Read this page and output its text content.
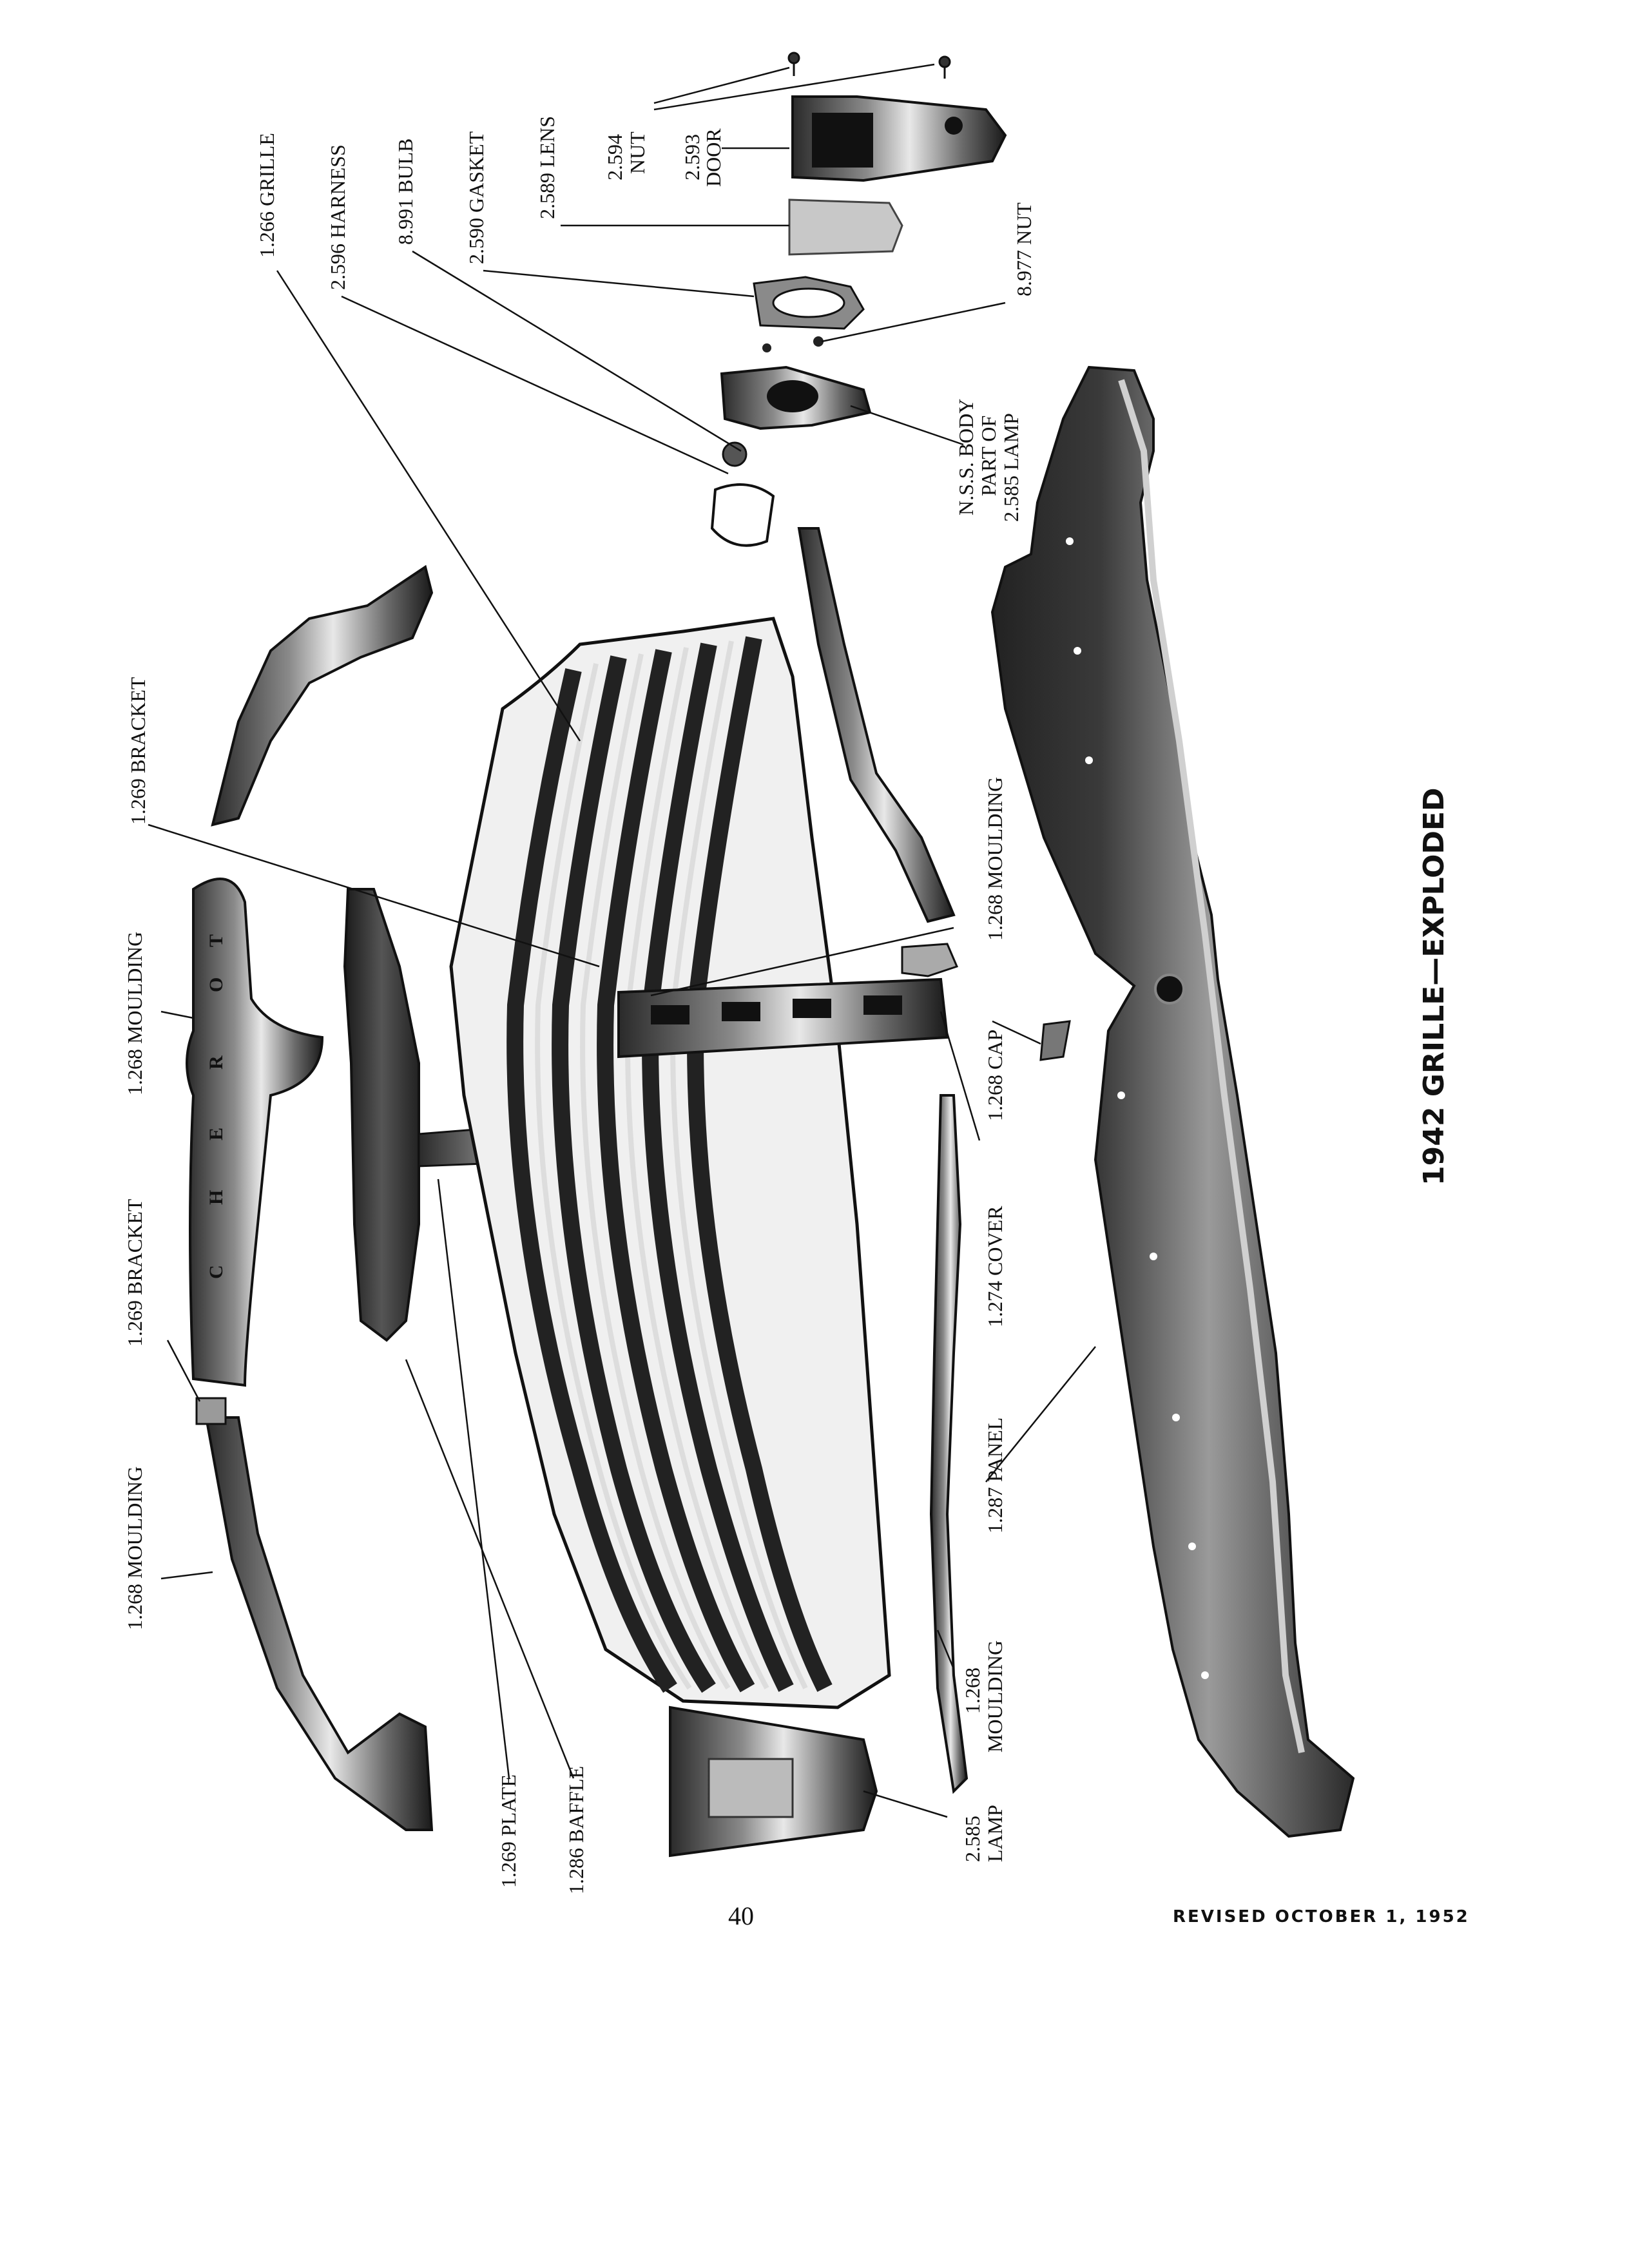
C
H
E
R
O
T
1.266 GRILLE 2.596 HARNESS 8.991 BULB 2.590 GASKET 2.589 LENS 2.594 NUT 2.593
DOOR
8.977 NUT
N.S.S. BODY PART OF 2.585 LAMP
1.269 BRACKET
1.268 MOULDING
1.268 MOULDING	1.268 CAP
1.274 COVER
1.269 BRACKET
1.287 PANEL
1.268 MOULDING
1.268 MOULDING
1.269 PLATE 1.286 BAFFLE	2.585 LAMP
1942 GRILLE—EXPLODED
40	REVISED OCTOBER 1, 1952
